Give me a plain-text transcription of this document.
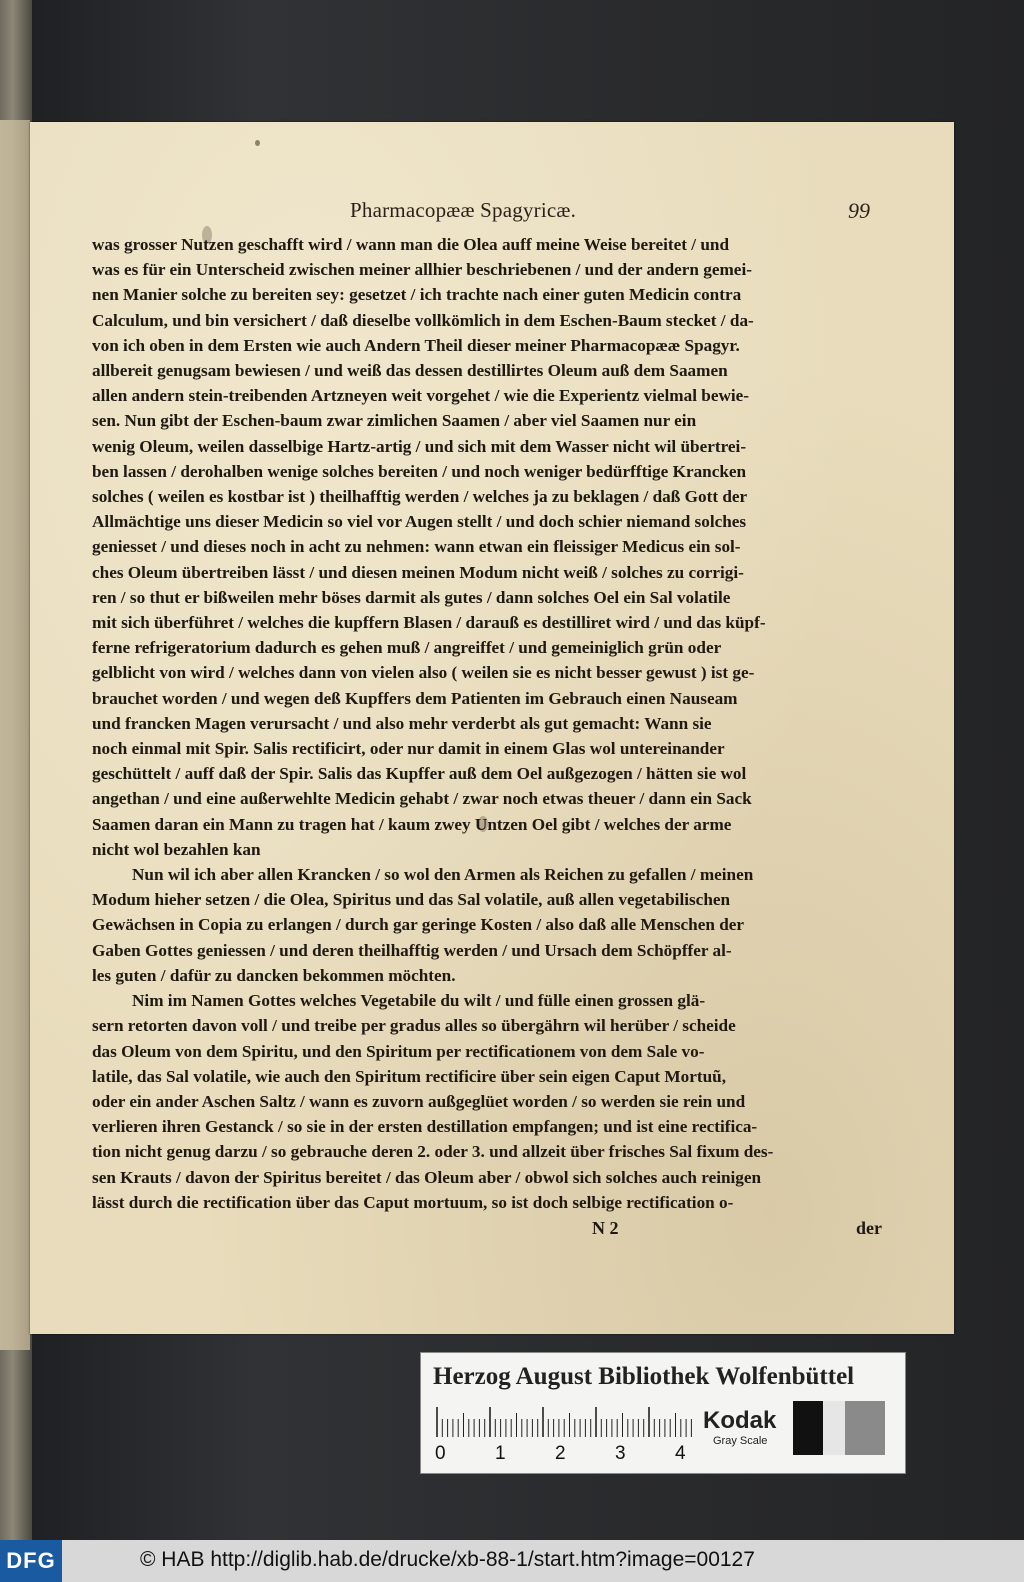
Pharmacopææ Spagyricæ.	99
was grosser Nutzen geschafft wird / wann man die Olea auff meine Weise bereitet / und
was es für ein Unterscheid zwischen meiner allhier beschriebenen / und der andern gemei-
nen Manier solche zu bereiten sey: gesetzet / ich trachte nach einer guten Medicin contra
Calculum, und bin versichert / daß dieselbe vollkömlich in dem Eschen-Baum stecket / da-
von ich oben in dem Ersten wie auch Andern Theil dieser meiner Pharmacopææ Spagyr.
allbereit genugsam bewiesen / und weiß das dessen destillirtes Oleum auß dem Saamen
allen andern stein-treibenden Artzneyen weit vorgehet / wie die Experientz vielmal bewie-
sen. Nun gibt der Eschen-baum zwar zimlichen Saamen / aber viel Saamen nur ein
wenig Oleum, weilen dasselbige Hartz-artig / und sich mit dem Wasser nicht wil übertrei-
ben lassen / derohalben wenige solches bereiten / und noch weniger bedürfftige Krancken
solches ( weilen es kostbar ist ) theilhafftig werden / welches ja zu beklagen / daß Gott der
Allmächtige uns dieser Medicin so viel vor Augen stellt / und doch schier niemand solches
geniesset / und dieses noch in acht zu nehmen: wann etwan ein fleissiger Medicus ein sol-
ches Oleum übertreiben lässt / und diesen meinen Modum nicht weiß / solches zu corrigi-
ren / so thut er bißweilen mehr böses darmit als gutes / dann solches Oel ein Sal volatile
mit sich überführet / welches die kupffern Blasen / darauß es destilliret wird / und das küpf-
ferne refrigeratorium dadurch es gehen muß / angreiffet / und gemeiniglich grün oder
gelblicht von wird / welches dann von vielen also ( weilen sie es nicht besser gewust ) ist ge-
brauchet worden / und wegen deß Kupffers dem Patienten im Gebrauch einen Nauseam
und francken Magen verursacht / und also mehr verderbt als gut gemacht: Wann sie
noch einmal mit Spir. Salis rectificirt, oder nur damit in einem Glas wol untereinander
geschüttelt / auff daß der Spir. Salis das Kupffer auß dem Oel außgezogen / hätten sie wol
angethan / und eine außerwehlte Medicin gehabt / zwar noch etwas theuer / dann ein Sack
Saamen daran ein Mann zu tragen hat / kaum zwey Untzen Oel gibt / welches der arme
nicht wol bezahlen kan
Nun wil ich aber allen Krancken / so wol den Armen als Reichen zu gefallen / meinen
Modum hieher setzen / die Olea, Spiritus und das Sal volatile, auß allen vegetabilischen
Gewächsen in Copia zu erlangen / durch gar geringe Kosten / also daß alle Menschen der
Gaben Gottes geniessen / und deren theilhafftig werden / und Ursach dem Schöpffer al-
les guten / dafür zu dancken bekommen möchten.
Nim im Namen Gottes welches Vegetabile du wilt / und fülle einen grossen glä-
sern retorten davon voll / und treibe per gradus alles so übergährn wil herüber / scheide
das Oleum von dem Spiritu, und den Spiritum per rectificationem von dem Sale vo-
latile, das Sal volatile, wie auch den Spiritum rectificire über sein eigen Caput Mortuũ,
oder ein ander Aschen Saltz / wann es zuvorn außgeglüet worden / so werden sie rein und
verlieren ihren Gestanck / so sie in der ersten destillation empfangen; und ist eine rectifica-
tion nicht genug darzu / so gebrauche deren 2. oder 3. und allzeit über frisches Sal fixum des-
sen Krauts / davon der Spiritus bereitet / das Oleum aber / obwol sich solches auch reinigen
lässt durch die rectification über das Caput mortuum, so ist doch selbige rectification o-
N 2	der
Herzog August Bibliothek Wolfenbüttel
0	1	2	3	4
Kodak
Gray Scale
DFG	© HAB http://diglib.hab.de/drucke/xb-88-1/start.htm?image=00127
